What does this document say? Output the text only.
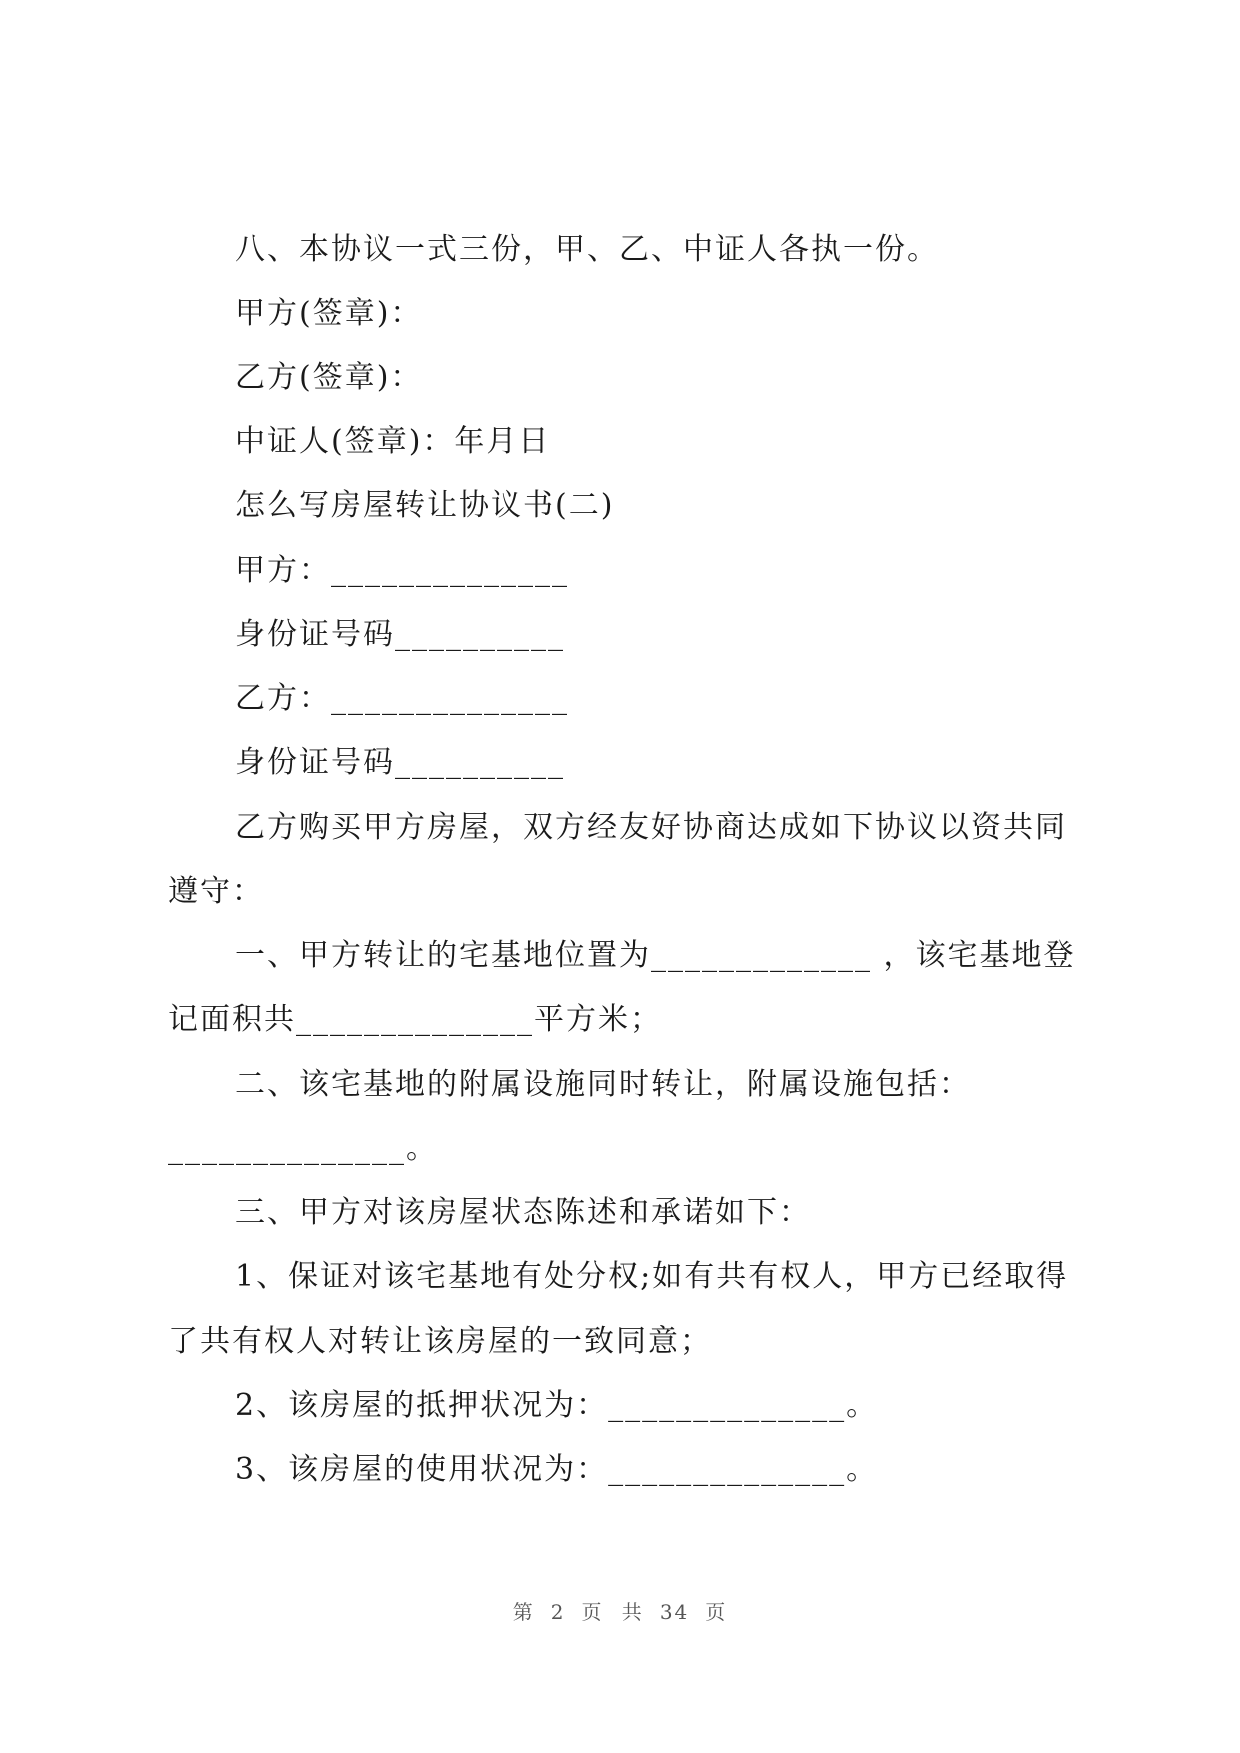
八、本协议一式三份，甲、乙、中证人各执一份。
甲方(签章)：
乙方(签章)：
中证人(签章)：年月日
怎么写房屋转让协议书(二)
甲方：______________
身份证号码__________
乙方：______________
身份证号码__________
乙方购买甲方房屋，双方经友好协商达成如下协议以资共同
遵守：
一、甲方转让的宅基地位置为_____________ ，该宅基地登
记面积共______________平方米；
二、该宅基地的附属设施同时转让，附属设施包括：
______________。
三、甲方对该房屋状态陈述和承诺如下：
1、保证对该宅基地有处分权;如有共有权人，甲方已经取得
了共有权人对转让该房屋的一致同意；
2、该房屋的抵押状况为：______________。
3、该房屋的使用状况为：______________。
第 2 页 共 34 页
